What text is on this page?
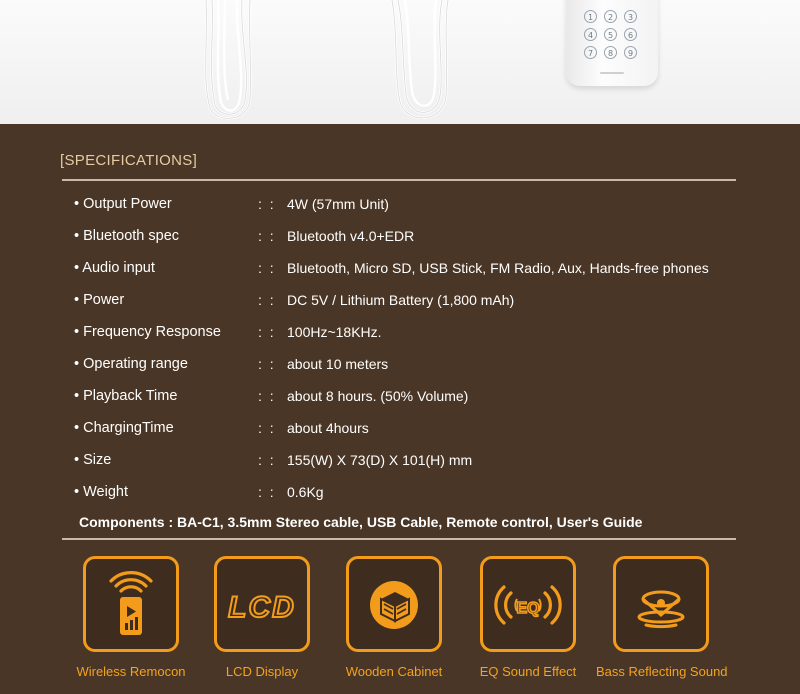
1	2	3
4	5	6
7	8	9
[SPECIFICATIONS]
• Output Power	: : 4W (57mm Unit)
• Bluetooth spec	: : Bluetooth v4.0+EDR
• Audio input	: : Bluetooth, Micro SD, USB Stick, FM Radio, Aux, Hands-free phones
• Power	: : DC 5V / Lithium Battery (1,800 mAh)
• Frequency Response	: : 100Hz~18KHz.
• Operating range	: : about 10 meters
• Playback Time	: : about 8 hours. (50% Volume)
• ChargingTime	: : about 4hours
• Size	: : 155(W) X 73(D) X 101(H) mm
• Weight	: : 0.6Kg
Components : BA-C1, 3.5mm Stereo cable, USB Cable, Remote control, User's Guide
LCD	EQ
Wireless Remocon	LCD Display	Wooden Cabinet	EQ Sound Effect	Bass Reflecting Sound
